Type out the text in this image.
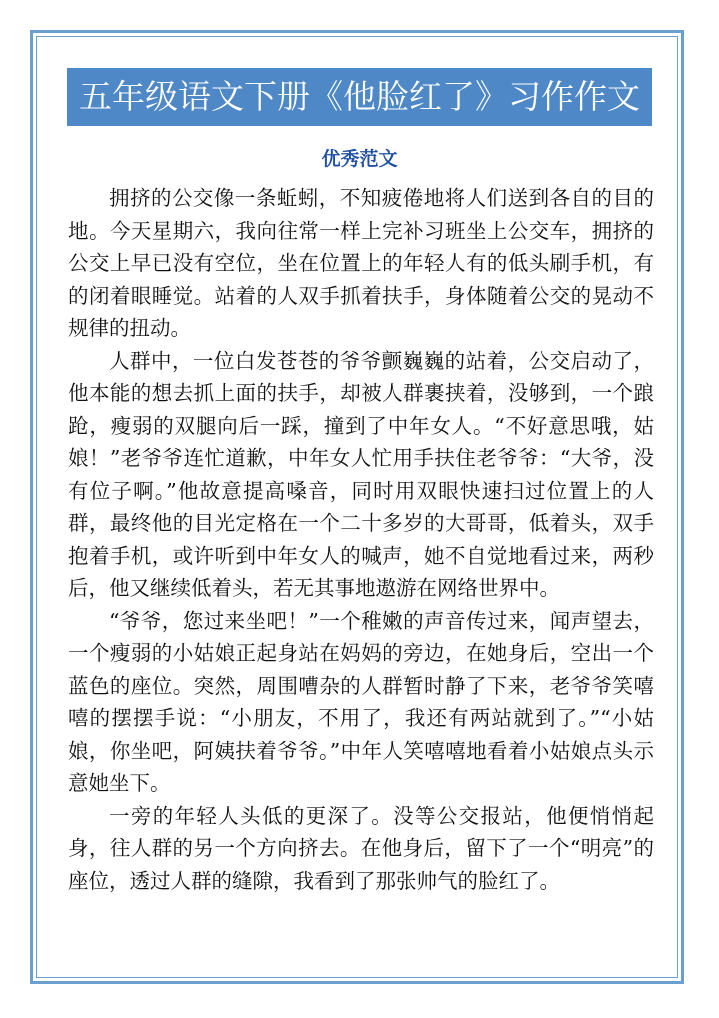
五年级语文下册《他脸红了》习作作文
优秀范文

拥挤的公交像一条蚯蚓，不知疲倦地将人们送到各自的目的地。今天星期六，我向往常一样上完补习班坐上公交车，拥挤的公交上早已没有空位，坐在位置上的年轻人有的低头刷手机，有的闭着眼睡觉。站着的人双手抓着扶手，身体随着公交的晃动不规律的扭动。

人群中，一位白发苍苍的爷爷颤巍巍的站着，公交启动了，他本能的想去抓上面的扶手，却被人群裹挟着，没够到，一个踉跄，瘦弱的双腿向后一踩，撞到了中年女人。“不好意思哦，姑娘！”老爷爷连忙道歉，中年女人忙用手扶住老爷爷：“大爷，没有位子啊。”他故意提高嗓音，同时用双眼快速扫过位置上的人群，最终他的目光定格在一个二十多岁的大哥哥，低着头，双手抱着手机，或许听到中年女人的喊声，她不自觉地看过来，两秒后，他又继续低着头，若无其事地遨游在网络世界中。

“爷爷，您过来坐吧！”一个稚嫩的声音传过来，闻声望去，一个瘦弱的小姑娘正起身站在妈妈的旁边，在她身后，空出一个蓝色的座位。突然，周围嘈杂的人群暂时静了下来，老爷爷笑嘻嘻的摆摆手说：“小朋友，不用了，我还有两站就到了。”“小姑娘，你坐吧，阿姨扶着爷爷。”中年人笑嘻嘻地看着小姑娘点头示意她坐下。

一旁的年轻人头低的更深了。没等公交报站，他便悄悄起身，往人群的另一个方向挤去。在他身后，留下了一个“明亮”的座位，透过人群的缝隙，我看到了那张帅气的脸红了。
